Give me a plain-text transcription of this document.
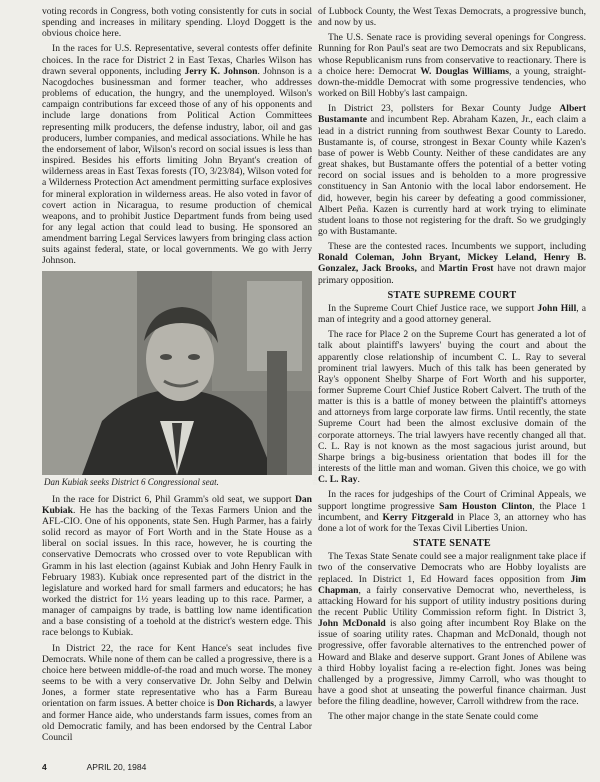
voting records in Congress, both voting consistently for cuts in social spending and increases in military spending. Lloyd Doggett is the obvious choice here.

In the races for U.S. Representative, several contests offer definite choices. In the race for District 2 in East Texas, Charles Wilson has drawn several opponents, including Jerry K. Johnson. Johnson is a Nacogdoches businessman and former teacher, who addresses problems of education, the hungry, and the unemployed. Wilson's campaign contributions far exceed those of any of his opponents and include large donations from Political Action Committees representing milk producers, the defense industry, labor, oil and gas producers, lumber companies, and medical associations. While he has the endorsement of labor, Wilson's record on social issues is less than inspired. Besides his efforts limiting John Bryant's creation of wilderness areas in East Texas forests (TO, 3/23/84), Wilson voted for a Wilderness Protection Act amendment permitting surface explosives for mineral exploration in wilderness areas. He also voted in favor of covert action in Nicaragua, to resume production of chemical weapons, and to prohibit Justice Department funds from being used for any legal action that could lead to busing. He sponsored an amendment barring Legal Services lawyers from bringing class action suits against federal, state, or local governments. We go with Jerry Johnson.

Photo by Laura Albrecht
Dan Kubiak seeks District 6 Congressional seat.

In the race for District 6, Phil Gramm's old seat, we support Dan Kubiak. He has the backing of the Texas Farmers Union and the AFL-CIO. One of his opponents, state Sen. Hugh Parmer, has a fairly solid record as mayor of Fort Worth and in the State House as a liberal on social issues. In this race, however, he is courting the conservative Democrats who crossed over to vote Republican with Gramm in his last election (against Kubiak and John Henry Faulk in February 1983). Kubiak once represented part of the district in the legislature and worked hard for small farmers and educators; he has worked the district for 1½ years leading up to this race. Parmer, a manager of campaigns by trade, is battling low name identification and a base consisting of a toehold at the district's western edge. This race belongs to Kubiak.

In District 22, the race for Kent Hance's seat includes five Democrats. While none of them can be called a progressive, there is a choice here between middle-of-the road and much worse. The money seems to be with a very conservative Dr. John Selby and Delwin Jones, a former state representative who has a Farm Bureau orientation on farm issues. A better choice is Don Richards, a lawyer and former Hance aide, who understands farm issues, comes from an old Democratic family, and has been endorsed by the Central Labor Council

of Lubbock County, the West Texas Democrats, a progressive bunch, and now by us.

The U.S. Senate race is providing several openings for Congress. Running for Ron Paul's seat are two Democrats and six Republicans, whose Republicanism runs from conservative to reactionary. There is a choice here: Democrat W. Douglas Williams, a young, straight-down-the-middle Democrat with some progressive tendencies, who worked on Bill Hobby's last campaign.

In District 23, pollsters for Bexar County Judge Albert Bustamante and incumbent Rep. Abraham Kazen, Jr., each claim a lead in a district running from southwest Bexar County to Laredo. Bustamante is, of course, strongest in Bexar County while Kazen's base of power is Webb County. Neither of these candidates are any great shakes, but Bustamante offers the potential of a better voting record on social issues and is beholden to a more progressive constituency in San Antonio with the local labor endorsement. He did, however, begin his career by defeating a good commissioner, Albert Peña. Kazen is currently hard at work trying to eliminate student loans to those not registering for the draft. So we grudgingly go with Bustamante.

These are the contested races. Incumbents we support, including Ronald Coleman, John Bryant, Mickey Leland, Henry B. Gonzalez, Jack Brooks, and Martin Frost have not drawn major primary opposition.

STATE SUPREME COURT

In the Supreme Court Chief Justice race, we support John Hill, a man of integrity and a good attorney general.

The race for Place 2 on the Supreme Court has generated a lot of talk about plaintiff's lawyers' buying the court and about the apparently close relationship of incumbent C. L. Ray to several prominent trial lawyers. Much of this talk has been generated by Ray's opponent Shelby Sharpe of Fort Worth and his supporter, former Supreme Court Chief Justice Robert Calvert. The truth of the matter is this is a battle of money between the plaintiff's attorneys and attorneys from large corporate law firms. Until recently, the state Supreme Court had been the almost exclusive domain of the corporate attorneys. The trial lawyers have recently changed all that. C. L. Ray is not known as the most sagacious jurist around, but Sharpe brings a big-business orientation that bodes ill for the interests of the little man and woman. Given this choice, we go with C. L. Ray.

In the races for judgeships of the Court of Criminal Appeals, we support longtime progressive Sam Houston Clinton, the Place 1 incumbent, and Kerry Fitzgerald in Place 3, an attorney who has done a lot of work for the Texas Civil Liberties Union.

STATE SENATE

The Texas State Senate could see a major realignment take place if two of the conservative Democrats who are Hobby loyalists are replaced. In District 1, Ed Howard faces opposition from Jim Chapman, a fairly conservative Democrat who, nevertheless, is attacking Howard for his support of utility industry positions during the recent Public Utility Commission reform fight. In District 3, John McDonald is also going after incumbent Roy Blake on the issue of soaring utility rates. Chapman and McDonald, though not progressive, offer favorable alternatives to the entrenched power of Howard and Blake and deserve support. Grant Jones of Abilene was a third Hobby loyalist facing a re-election fight. Jones was being challenged by a progressive, Jimmy Carroll, who was thought to have a good shot at unseating the powerful finance chairman. Just before the filing deadline, however, Carroll withdrew from the race.

The other major change in the state Senate could come

4	APRIL 20, 1984
